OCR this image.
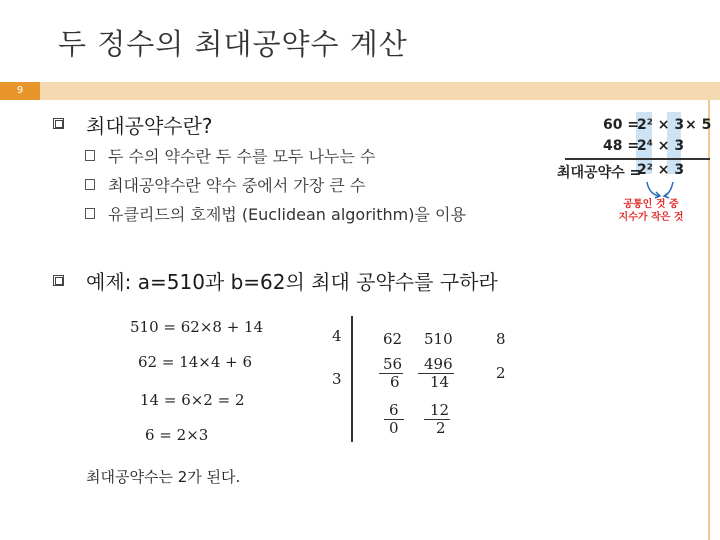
두 정수의 최대공약수 계산
9
최대공약수란?
두 수의 약수란 두 수를 모두 나누는 수
최대공약수란 약수 중에서 가장 큰 수
유클리드의 호제법 (Euclidean algorithm)을 이용
예제: a=510과 b=62의 최대 공약수를 구하라
510 = 62×8 + 14
62 = 14×4 + 6
14 = 6×2 = 2
6 = 2×3
4
3
62
56
6
6
0
510
496
14
12
2
8
2
최대공약수는 2가 된다.
60 =
2² × 3 × 5
48 =
2⁴ × 3
최대공약수 =
2² × 3
공통인 것 중
지수가 작은 것
